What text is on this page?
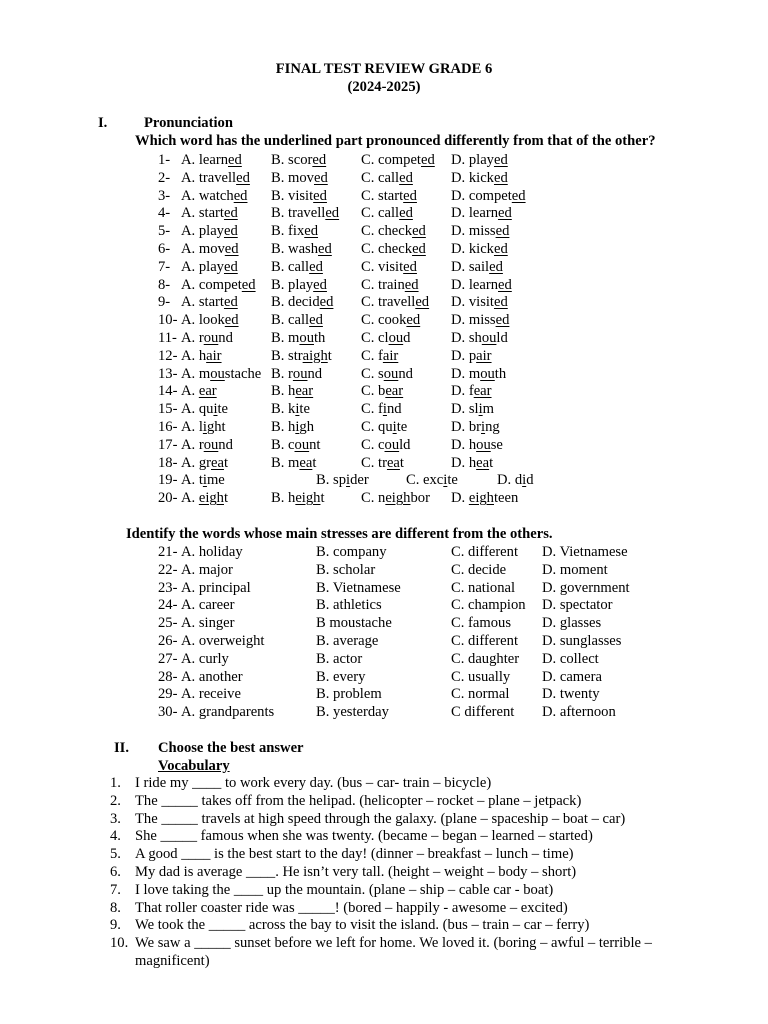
FINAL TEST REVIEW GRADE 6
(2024-2025)
I.	Pronunciation
Which word has the underlined part pronounced differently from that of the other?
1- A. learned B. scored C. competed D. played
2- A. travelled B. moved C. called	D. kicked
3- A. watched B. visited C. started D. competed
4- A. started B. travelled C. called	D. learned
5- A. played B. fixed	C. checked D. missed
6- A. moved B. washed C. checked D. kicked
7- A. played B. called	C. visited D. sailed
8- A. competed B. played C. trained D. learned
9- A. started B. decided C. travelled D. visited
10- A. looked B. called	C. cooked D. missed
11- A. round	B. mouth C. cloud	D. should
12- A. hair	B. straight C. fair	D. pair
13- A. moustache B. round	C. sound	D. mouth
14- A. ear	B. hear	C. bear	D. fear
15- A. quite	B. kite	C. find	D. slim
16- A. light	B. high	C. quite	D. bring
17- A. round	B. count	C. could	D. house
18- A. great	B. meat	C. treat	D. heat
19- A. time	B. spider	C. excite	D. did
20- A. eight	B. height C. neighbor D. eighteen
Identify the words whose main stresses are different from the others.
21- A. holiday	B. company	C. different D. Vietnamese
22- A. major	B. scholar	C. decide D. moment
23- A. principal	B. Vietnamese	C. national D. government
24- A. career	B. athletics	C. champion D. spectator
25- A. singer	B moustache	C. famous D. glasses
26- A. overweight	B. average	C. different D. sunglasses
27- A. curly	B. actor	C. daughter D. collect
28- A. another	B. every	C. usually D. camera
29- A. receive	B. problem	C. normal D. twenty
30- A. grandparents	B. yesterday	C different D. afternoon
II. Choose the best answer
Vocabulary
1. I ride my ____ to work every day. (bus – car- train – bicycle)
2. The _____ takes off from the helipad. (helicopter – rocket – plane – jetpack)
3. The _____ travels at high speed through the galaxy. (plane – spaceship – boat – car)
4. She _____ famous when she was twenty. (became – began – learned – started)
5. A good ____ is the best start to the day! (dinner – breakfast – lunch – time)
6. My dad is average ____. He isn’t very tall. (height – weight – body – short)
7. I love taking the ____ up the mountain. (plane – ship – cable car - boat)
8. That roller coaster ride was _____! (bored – happily - awesome – excited)
9. We took the _____ across the bay to visit the island. (bus – train – car – ferry)
10. We saw a _____ sunset before we left for home. We loved it. (boring – awful – terrible – magnificent)
